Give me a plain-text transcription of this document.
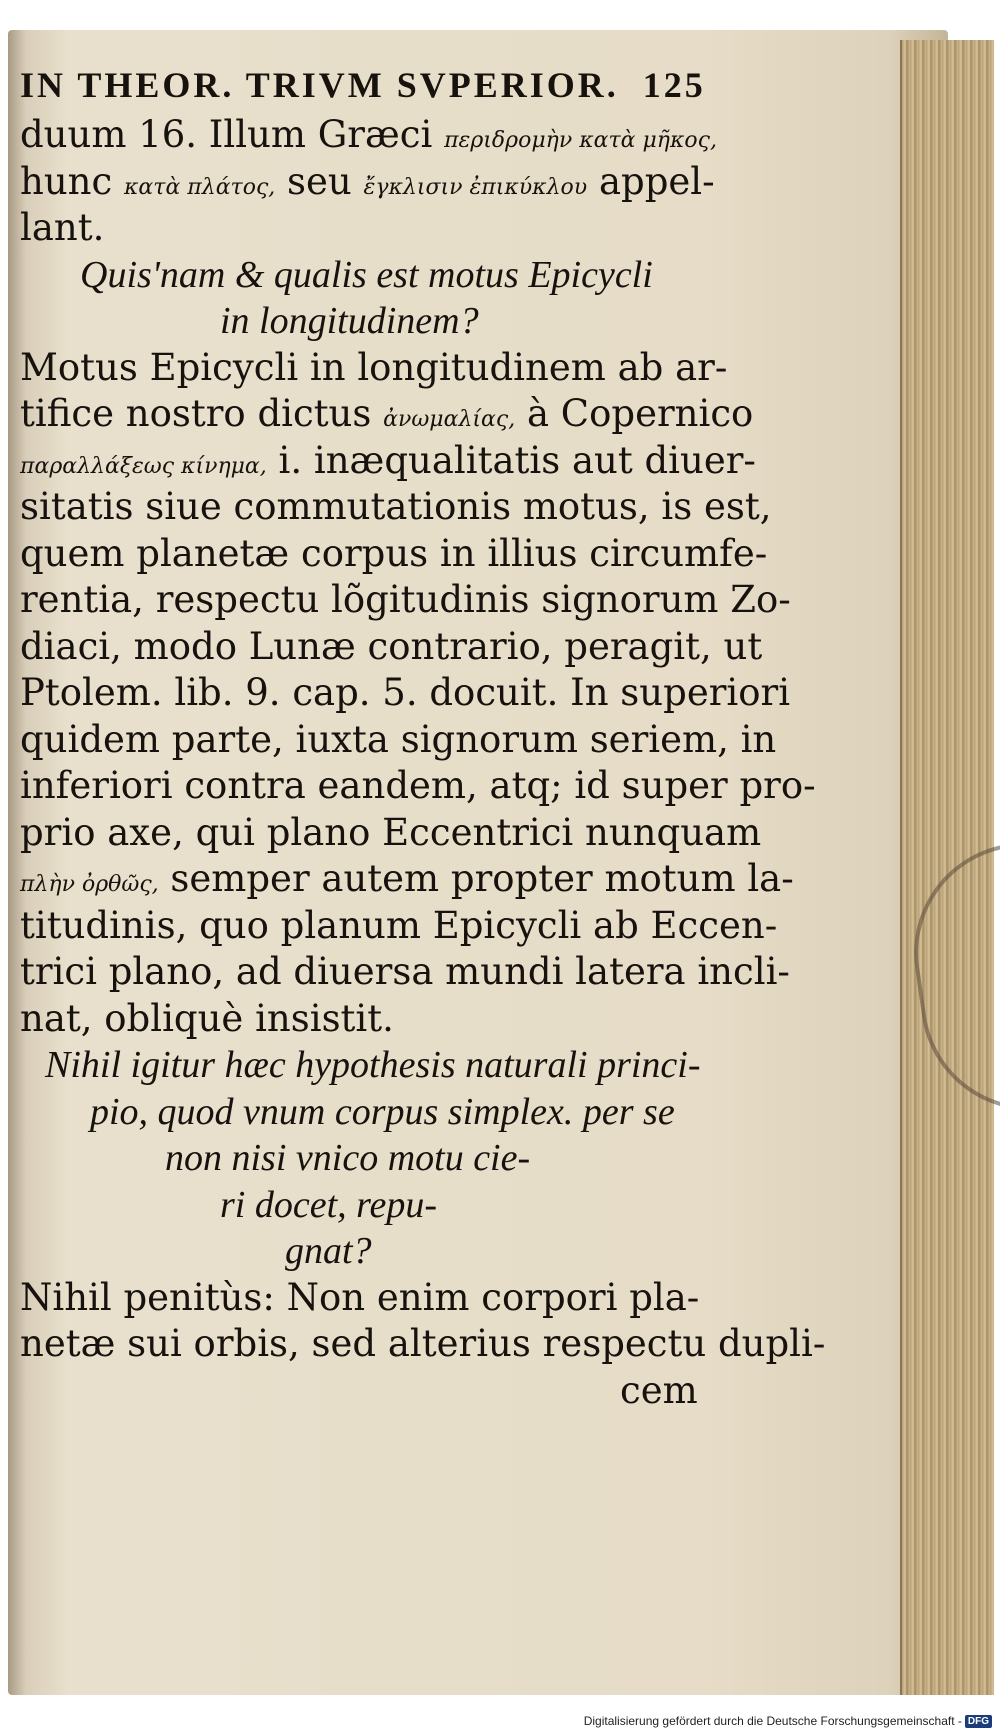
IN THEOR. TRIVM SVPERIOR. 125
duum 16. Illum Græci περιδρομὴν κατὰ μῆκος,
hunc κατὰ πλάτος, seu ἔγκλισιν ἐπικύκλου appel-
lant.
Quis'nam & qualis est motus Epicycli
in longitudinem?
Motus Epicycli in longitudinem ab ar-
tifice nostro dictus ἀνωμαλίας, à Copernico
παραλλάξεως κίνημα, i. inæqualitatis aut diuer-
sitatis siue commutationis motus, is est,
quem planetæ corpus in illius circumfe-
rentia, respectu lõgitudinis signorum Zo-
diaci, modo Lunæ contrario, peragit, ut
Ptolem. lib. 9. cap. 5. docuit. In superiori
quidem parte, iuxta signorum seriem, in
inferiori contra eandem, atq; id super pro-
prio axe, qui plano Eccentrici nunquam
πλὴν ὀρθῶς, semper autem propter motum la-
titudinis, quo planum Epicycli ab Eccen-
trici plano, ad diuersa mundi latera incli-
nat, obliquè insistit.
Nihil igitur hæc hypothesis naturali princi-
pio, quod vnum corpus simplex. per se
non nisi vnico motu cie-
ri docet, repu-
gnat?
Nihil penitùs: Non enim corpori pla-
netæ sui orbis, sed alterius respectu dupli-
cem
Digitalisierung gefördert durch die Deutsche Forschungsgemeinschaft - DFG
